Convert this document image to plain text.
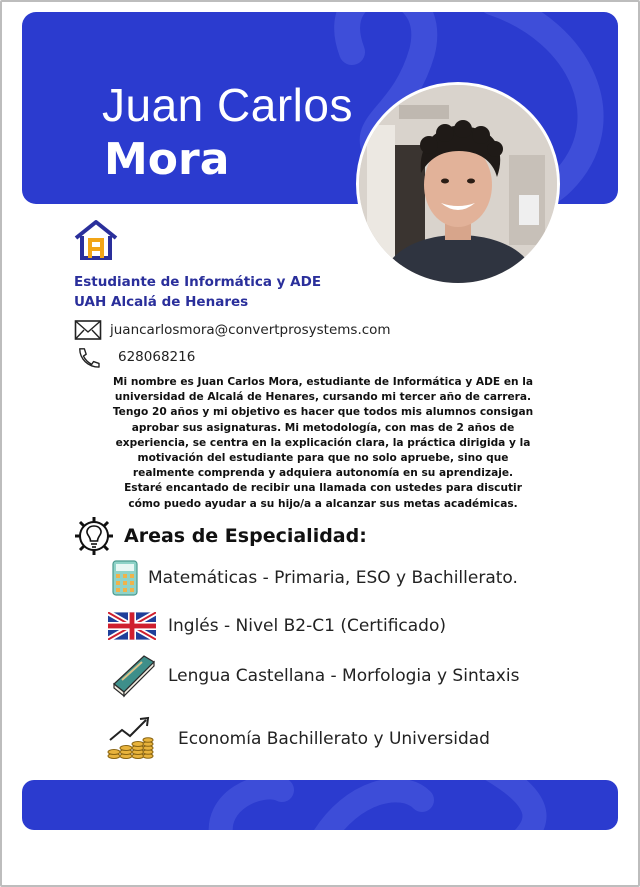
Juan Carlos
Mora
Estudiante de Informática y ADE
UAH Alcalá de Henares
juancarlosmora@convertprosystems.com
628068216

Mi nombre es Juan Carlos Mora, estudiante de Informática y ADE en la universidad de Alcalá de Henares, cursando mi tercer año de carrera. Tengo 20 años y mi objetivo es hacer que todos mis alumnos consigan aprobar sus asignaturas. Mi metodología, con mas de 2 años de experiencia, se centra en la explicación clara, la práctica dirigida y la motivación del estudiante para que no solo apruebe, sino que realmente comprenda y adquiera autonomía en su aprendizaje.

Estaré encantado de recibir una llamada con ustedes para discutir cómo puedo ayudar a su hijo/a a alcanzar sus metas académicas.

Areas de Especialidad:
Matemáticas - Primaria, ESO y Bachillerato.
Inglés - Nivel B2-C1 (Certificado)
Lengua Castellana - Morfologia y Sintaxis
Economía Bachillerato y Universidad
